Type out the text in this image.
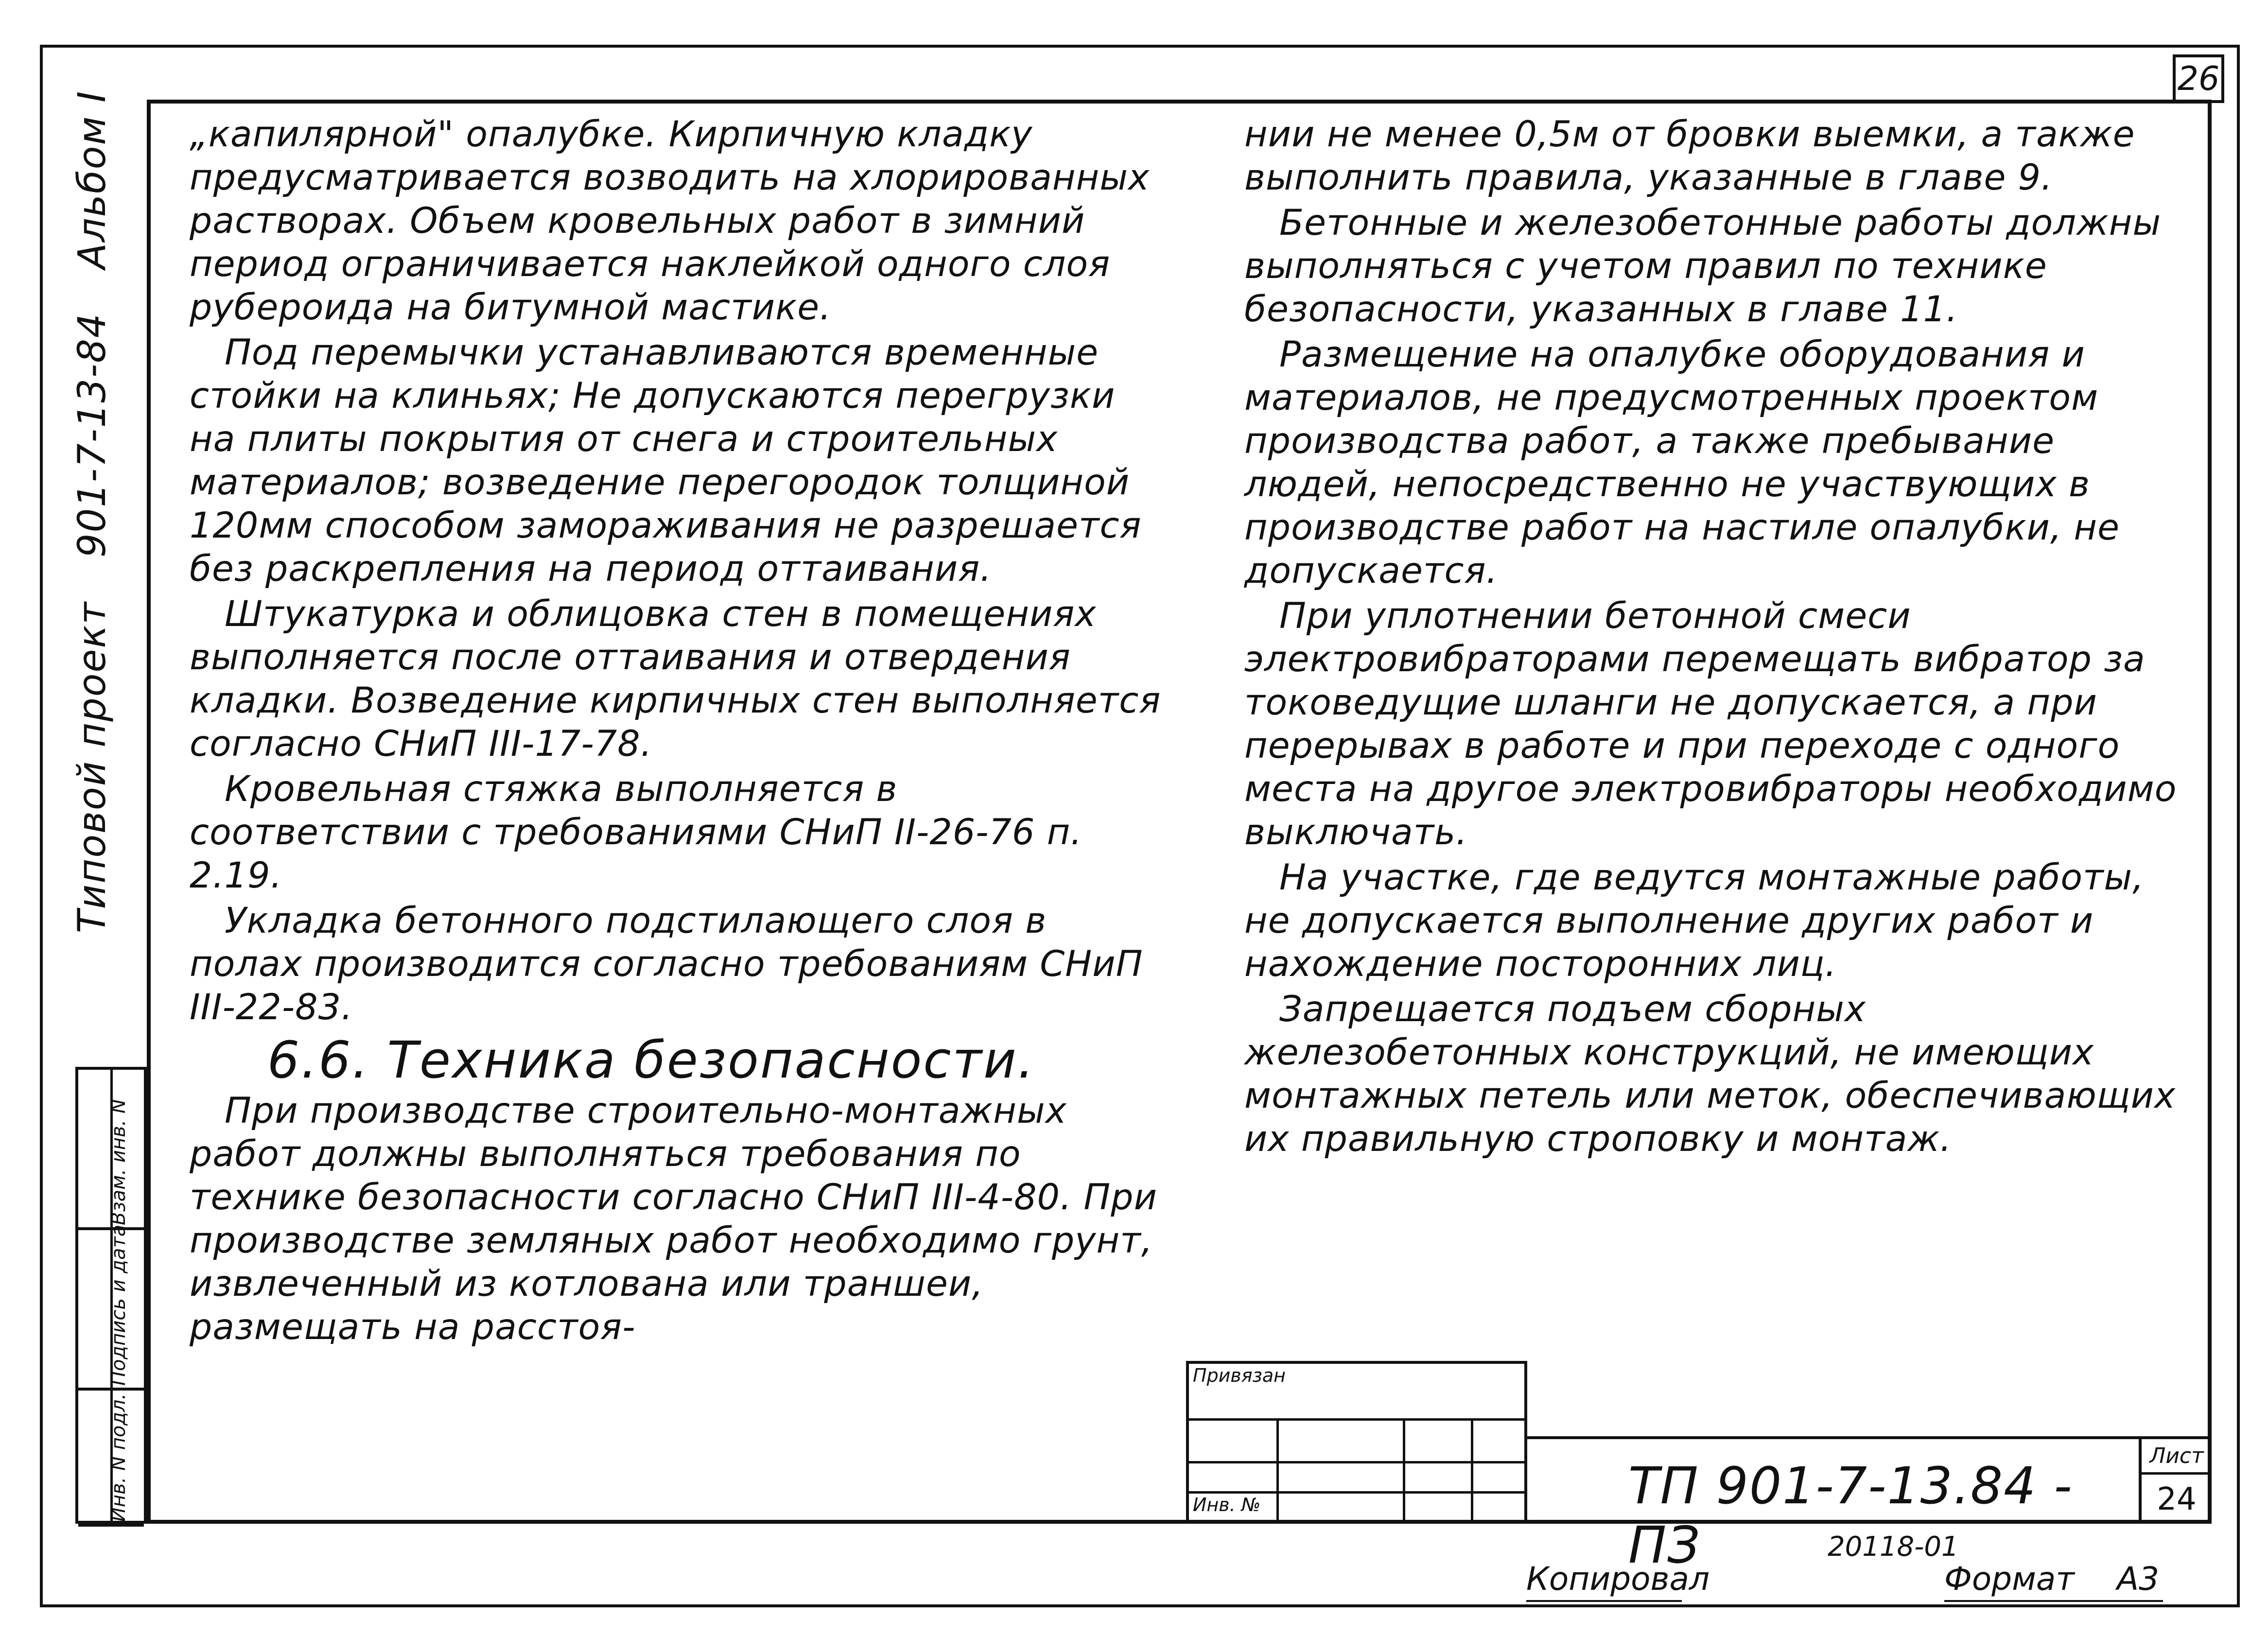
26
Типовой проект901-7-13-84Альбом I
Взам. инв. N
Подпись и дата
Инв. N подл.

„капилярной" опалубке. Кирпичную кладку предусматривается возводить на хлорированных растворах. Объем кровельных работ в зимний период ограничивается наклейкой одного слоя рубероида на битумной мастике.

Под перемычки устанавливаются временные стойки на клиньях; Не допускаются перегрузки на плиты покрытия от снега и строительных материалов; возведение перегородок толщиной 120мм способом замораживания не разрешается без раскрепления на период оттаивания.

Штукатурка и облицовка стен в помещениях выполняется после оттаивания и отвердения кладки. Возведение кирпичных стен выполняется согласно СНиП III-17-78.

Кровельная стяжка выполняется в соответствии с требованиями СНиП II-26-76 п. 2.19.

Укладка бетонного подстилающего слоя в полах производится согласно требованиям СНиП III-22-83.

6.6. Техника безопасности.

При производстве строительно-монтажных работ должны выполняться требования по технике безопасности согласно СНиП III-4-80. При производстве земляных работ необходимо грунт, извлеченный из котлована или траншеи, размещать на расстоя-

нии не менее 0,5м от бровки выемки, а также выполнить правила, указанные в главе 9.

Бетонные и железобетонные работы должны выполняться с учетом правил по технике безопасности, указанных в главе 11.

Размещение на опалубке оборудования и материалов, не предусмотренных проектом производства работ, а также пребывание людей, непосредственно не участвующих в производстве работ на настиле опалубки, не допускается.

При уплотнении бетонной смеси электровибраторами перемещать вибратор за токоведущие шланги не допускается, а при перерывах в работе и при переходе с одного места на другое электровибраторы необходимо выключать.

На участке, где ведутся монтажные работы, не допускается выполнение других работ и нахождение посторонних лиц.

Запрещается подъем сборных железобетонных конструкций, не имеющих монтажных петель или меток, обеспечивающих их правильную строповку и монтаж.

Привязан
Инв. №	ТП 901-7-13.84 - ПЗ
Лист
24
20118-01
Копировал	Формат А3
